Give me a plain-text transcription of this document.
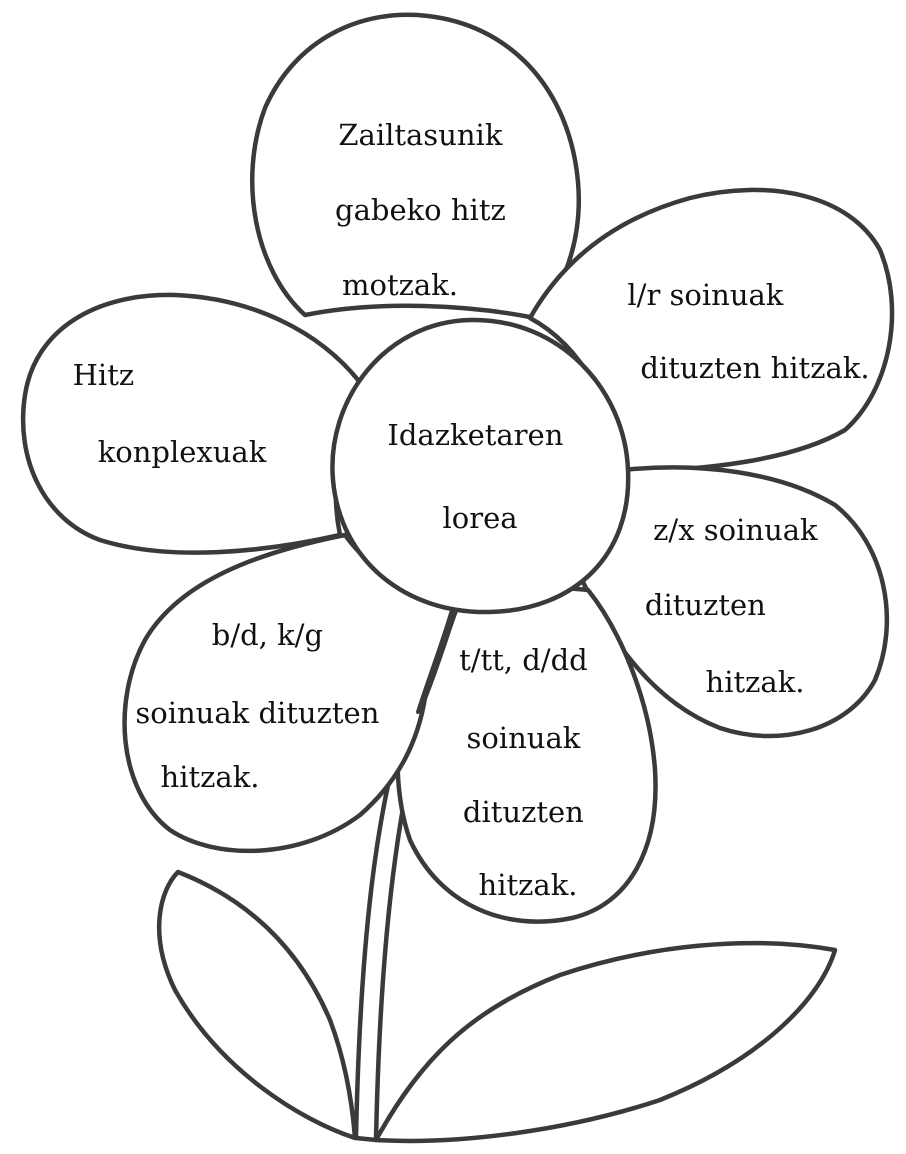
Idazketaren lorea
Zailtasunik gabeko hitz motzak.	l/r soinuak dituzten hitzak.
z/x soinuak dituzten hitzak.
t/tt, d/dd soinuak dituzten hitzak.
b/d, k/g soinuak dituzten hitzak.
Hitz konplexuak
